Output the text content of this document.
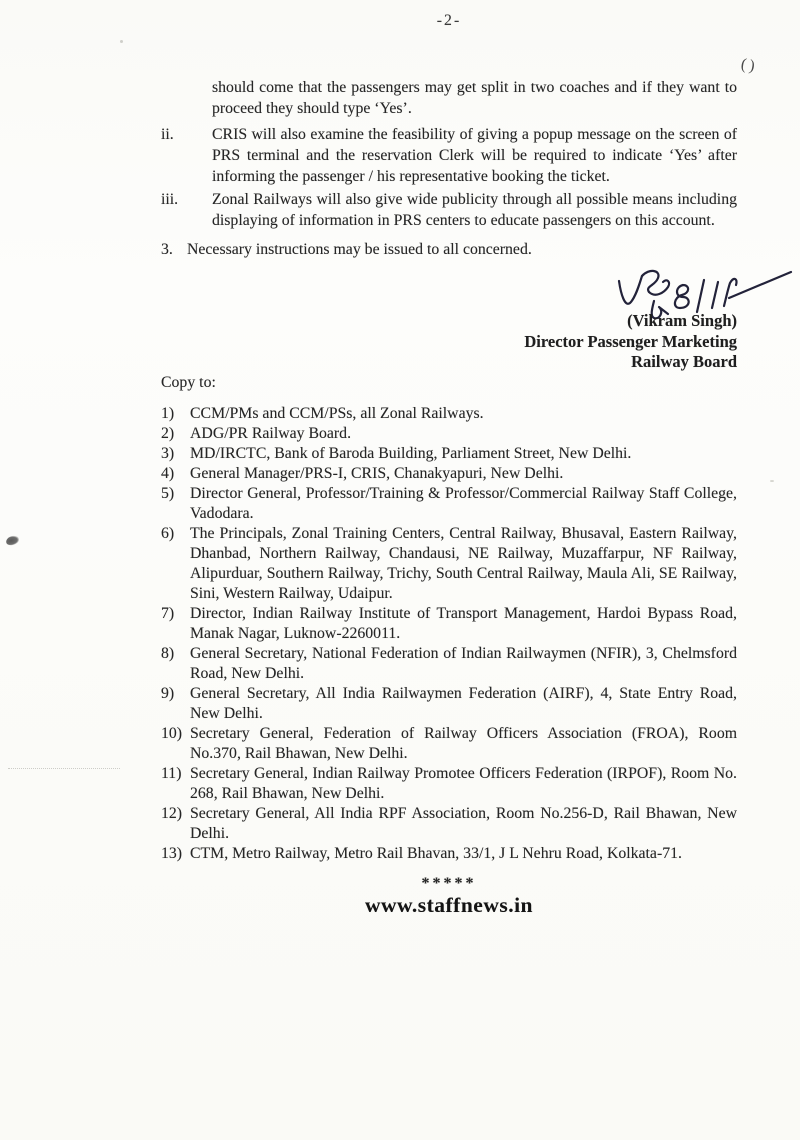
-2-
should come that the passengers may get split in two coaches and if they want to proceed they should type ‘Yes’.
ii.	CRIS will also examine the feasibility of giving a popup message on the screen of PRS terminal and the reservation Clerk will be required to indicate ‘Yes’ after informing the passenger / his representative booking the ticket.
iii.	Zonal Railways will also give wide publicity through all possible means including displaying of information in PRS centers to educate passengers on this account.
3. Necessary instructions may be issued to all concerned.
(Vikram Singh)
Director Passenger Marketing
Railway Board
Copy to:
1)	CCM/PMs and CCM/PSs, all Zonal Railways.
2)	ADG/PR Railway Board.
3)	MD/IRCTC, Bank of Baroda Building, Parliament Street, New Delhi.
4)	General Manager/PRS-I, CRIS, Chanakyapuri, New Delhi.
5)	Director General, Professor/Training & Professor/Commercial Railway Staff College, Vadodara.
6)	The Principals, Zonal Training Centers, Central Railway, Bhusaval, Eastern Railway, Dhanbad, Northern Railway, Chandausi, NE Railway, Muzaffarpur, NF Railway, Alipurduar, Southern Railway, Trichy, South Central Railway, Maula Ali, SE Railway, Sini, Western Railway, Udaipur.
7)	Director, Indian Railway Institute of Transport Management, Hardoi Bypass Road, Manak Nagar, Luknow-2260011.
8)	General Secretary, National Federation of Indian Railwaymen (NFIR), 3, Chelmsford Road, New Delhi.
9)	General Secretary, All India Railwaymen Federation (AIRF), 4, State Entry Road, New Delhi.
10) Secretary General, Federation of Railway Officers Association (FROA), Room No.370, Rail Bhawan, New Delhi.
11) Secretary General, Indian Railway Promotee Officers Federation (IRPOF), Room No. 268, Rail Bhawan, New Delhi.
12) Secretary General, All India RPF Association, Room No.256-D, Rail Bhawan, New Delhi.
13) CTM, Metro Railway, Metro Rail Bhavan, 33/1, J L Nehru Road, Kolkata-71.
*****
www.staffnews.in
()
